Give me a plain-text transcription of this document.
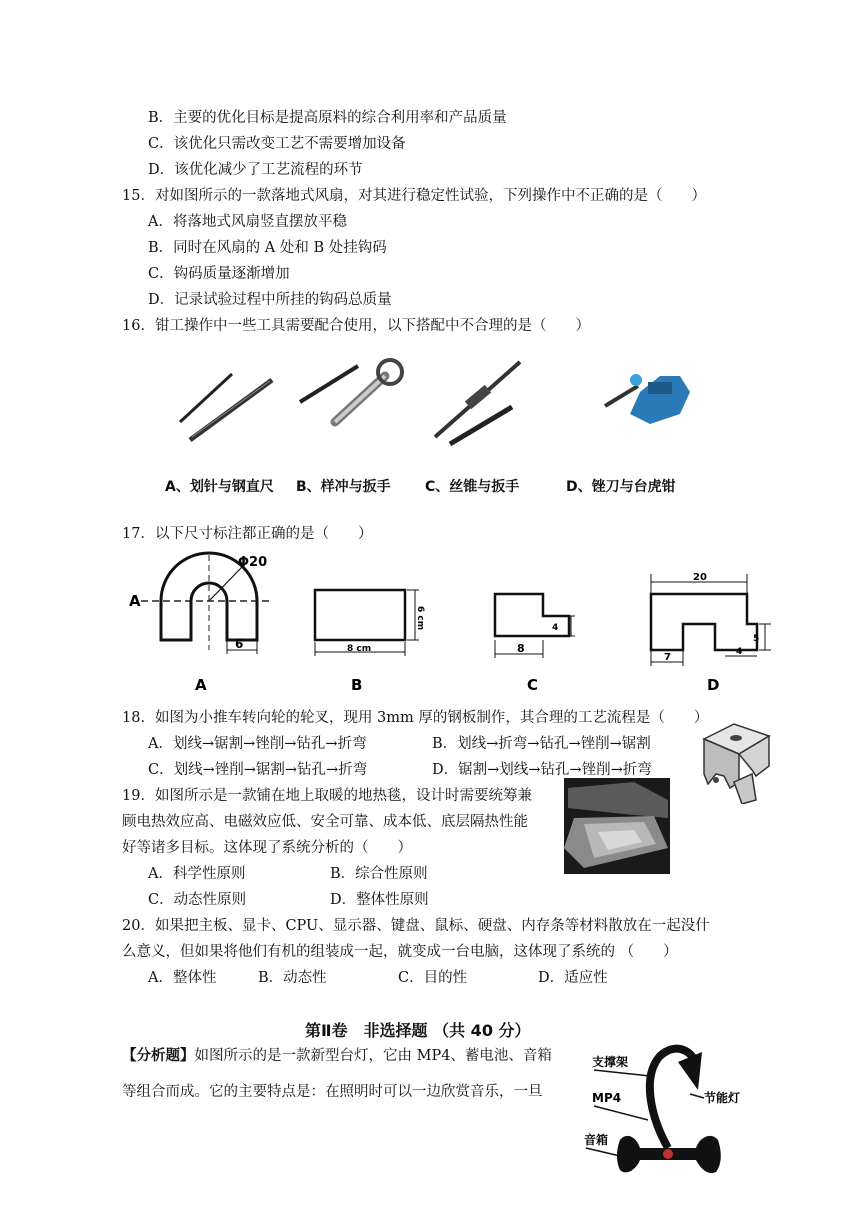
B．主要的优化目标是提高原料的综合利用率和产品质量
C．该优化只需改变工艺不需要增加设备
D．该优化减少了工艺流程的环节
15．对如图所示的一款落地式风扇，对其进行稳定性试验，下列操作中不正确的是（　　）
A．将落地式风扇竖直摆放平稳
B．同时在风扇的 A 处和 B 处挂钩码
C．钩码质量逐渐增加
D．记录试验过程中所挂的钩码总质量
16．钳工操作中一些工具需要配合使用，以下搭配中不合理的是（　　）
A、划针与钢直尺 B、样冲与扳手 C、丝锥与扳手	D、锉刀与台虎钳
17．以下尺寸标注都正确的是（　　）
A
Φ20
6
A
8 cm
6 cm
B
8
4
C
20
7	4
5
D
18．如图为小推车转向轮的轮叉，现用 3mm 厚的钢板制作，其合理的工艺流程是（　　）
A．划线→锯割→锉削→钻孔→折弯	B．划线→折弯→钻孔→锉削→锯割
C．划线→锉削→锯割→钻孔→折弯	D．锯割→划线→钻孔→锉削→折弯
19．如图所示是一款铺在地上取暖的地热毯，设计时需要统筹兼
顾电热效应高、电磁效应低、安全可靠、成本低、底层隔热性能
好等诸多目标。这体现了系统分析的（　　）
A．科学性原则	B．综合性原则
C．动态性原则	D．整体性原则
20．如果把主板、显卡、CPU、显示器、键盘、鼠标、硬盘、内存条等材料散放在一起没什
么意义，但如果将他们有机的组装成一起，就变成一台电脑，这体现了系统的 （　　）
A．整体性	B．动态性	C．目的性	D．适应性
第Ⅱ卷　非选择题 （共 40 分）
【分析题】如图所示的是一款新型台灯，它由 MP4、蓄电池、音箱
等组合而成。它的主要特点是：在照明时可以一边欣赏音乐，一旦
支撑架
节能灯
MP4
音箱
